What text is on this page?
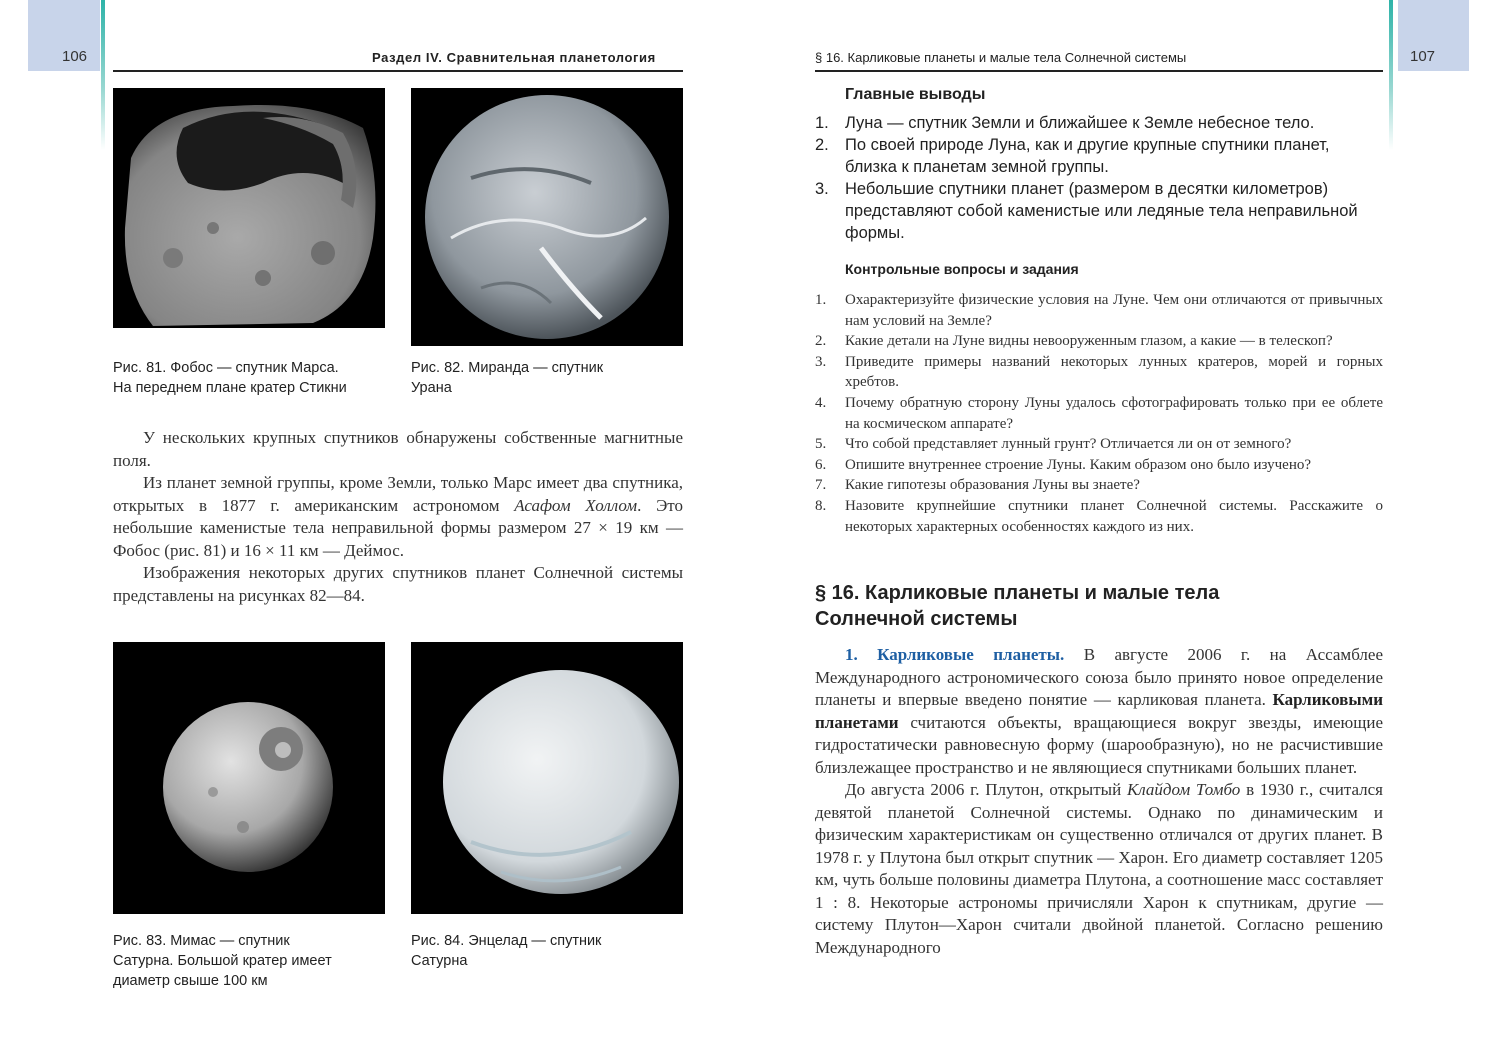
106	Раздел IV. Сравнительная планетология
Рис. 81. Фобос — спутник Марса.
На переднем плане кратер Стикни
Рис. 82. Миранда — спутник
Урана

У нескольких крупных спутников обнаружены собственные магнитные поля.

Из планет земной группы, кроме Земли, только Марс имеет два спутника, открытых в 1877 г. американским астрономом Асафом Холлом. Это небольшие каменистые тела неправильной формы размером 27 × 19 км — Фобос (рис. 81) и 16 × 11 км — Деймос.

Изображения некоторых других спутников планет Солнечной системы представлены на рисунках 82—84.

Рис. 83. Мимас — спутник
Сатурна. Большой кратер имеет
диаметр свыше 100 км
Рис. 84. Энцелад — спутник
Сатурна
107
§ 16. Карликовые планеты и малые тела Солнечной системы
Главные выводы
1. Луна — спутник Земли и ближайшее к Земле небесное тело.
2. По своей природе Луна, как и другие крупные спутники планет, близка к планетам земной группы.
3. Небольшие спутники планет (размером в десятки километров) представляют собой каменистые или ледяные тела неправильной формы.
Контрольные вопросы и задания
1. Охарактеризуйте физические условия на Луне. Чем они отличаются от привычных нам условий на Земле?
2. Какие детали на Луне видны невооруженным глазом, а какие — в телескоп?
3. Приведите примеры названий некоторых лунных кратеров, морей и горных хребтов.
4. Почему обратную сторону Луны удалось сфотографировать только при ее облете на космическом аппарате?
5. Что собой представляет лунный грунт? Отличается ли он от земного?
6. Опишите внутреннее строение Луны. Каким образом оно было изучено?
7. Какие гипотезы образования Луны вы знаете?
8. Назовите крупнейшие спутники планет Солнечной системы. Расскажите о некоторых характерных особенностях каждого из них.
§ 16. Карликовые планеты и малые тела
Солнечной системы

1. Карликовые планеты. В августе 2006 г. на Ассамблее Международного астрономического союза было принято новое определение планеты и впервые введено понятие — карликовая планета. Карликовыми планетами считаются объекты, вращающиеся вокруг звезды, имеющие гидростатически равновесную форму (шарообразную), но не расчистившие близлежащее пространство и не являющиеся спутниками больших планет.

До августа 2006 г. Плутон, открытый Клайдом Томбо в 1930 г., считался девятой планетой Солнечной системы. Однако по динамическим и физическим характеристикам он существенно отличался от других планет. В 1978 г. у Плутона был открыт спутник — Харон. Его диаметр составляет 1205 км, чуть больше половины диаметра Плутона, а соотношение масс составляет 1 : 8. Некоторые астрономы причисляли Харон к спутникам, другие — систему Плутон—Харон считали двойной планетой. Согласно решению Международного
